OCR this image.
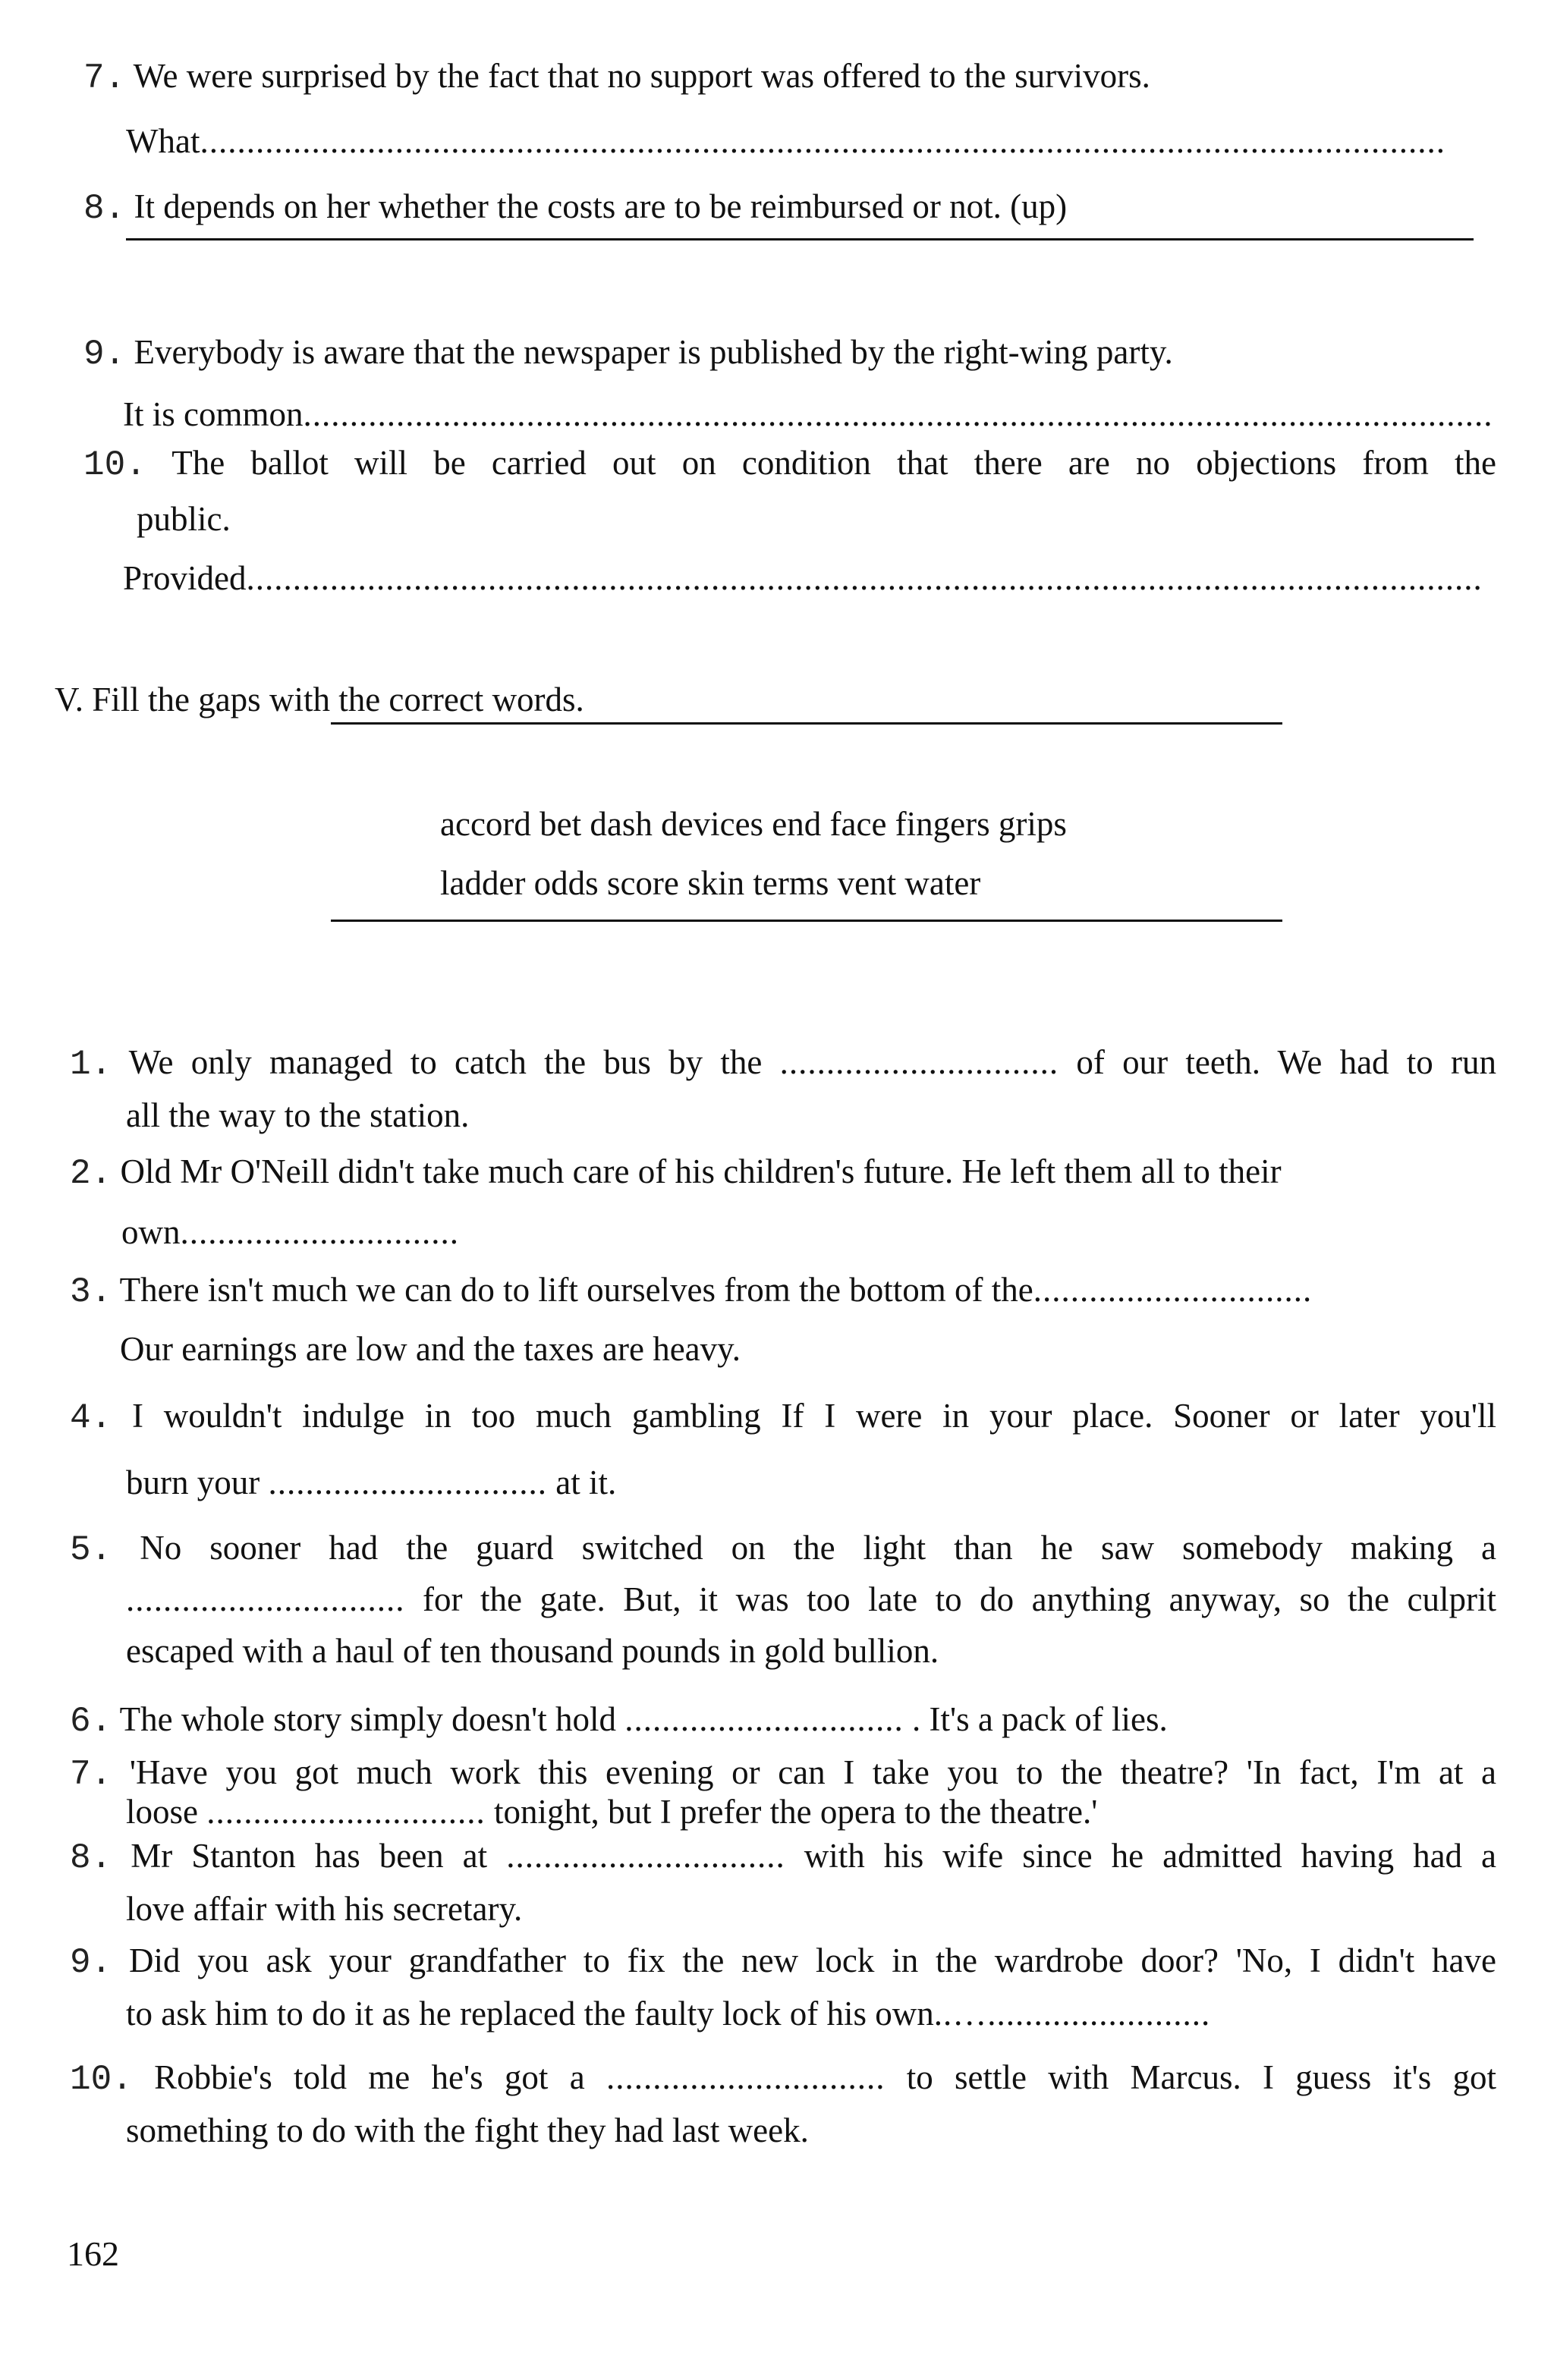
7. We were surprised by the fact that no support was offered to the survivors.
What......................................................................................................................................
8. It depends on her whether the costs are to be reimbursed or not. (up)
9. Everybody is aware that the newspaper is published by the right-wing party.
It is common................................................................................................................................
10. The ballot will be carried out on condition that there are no objections from the
public.
Provided.....................................................................................................................................
V. Fill the gaps with the correct words.
accord bet dash devices end face fingers grips
ladder odds score skin terms vent water
1. We only managed to catch the bus by the .............................. of our teeth. We had to run
all the way to the station.
2. Old Mr O'Neill didn't take much care of his children's future. He left them all to their
own..............................
3. There isn't much we can do to lift ourselves from the bottom of the..............................
Our earnings are low and the taxes are heavy.
4. I wouldn't indulge in too much gambling If I were in your place. Sooner or later you'll
burn your .............................. at it.
5. No sooner had the guard switched on the light than he saw somebody making a
.............................. for the gate. But, it was too late to do anything anyway, so the culprit
escaped with a haul of ten thousand pounds in gold bullion.
6. The whole story simply doesn't hold .............................. . It's a pack of lies.
7. 'Have you got much work this evening or can I take you to the theatre? 'In fact, I'm at a
loose .............................. tonight, but I prefer the opera to the theatre.'
8. Mr Stanton has been at .............................. with his wife since he admitted having had a
love affair with his secretary.
9. Did you ask your grandfather to fix the new lock in the wardrobe door? 'No, I didn't have
to ask him to do it as he replaced the faulty lock of his own..…........................
10. Robbie's told me he's got a .............................. to settle with Marcus. I guess it's got
something to do with the fight they had last week.
162
